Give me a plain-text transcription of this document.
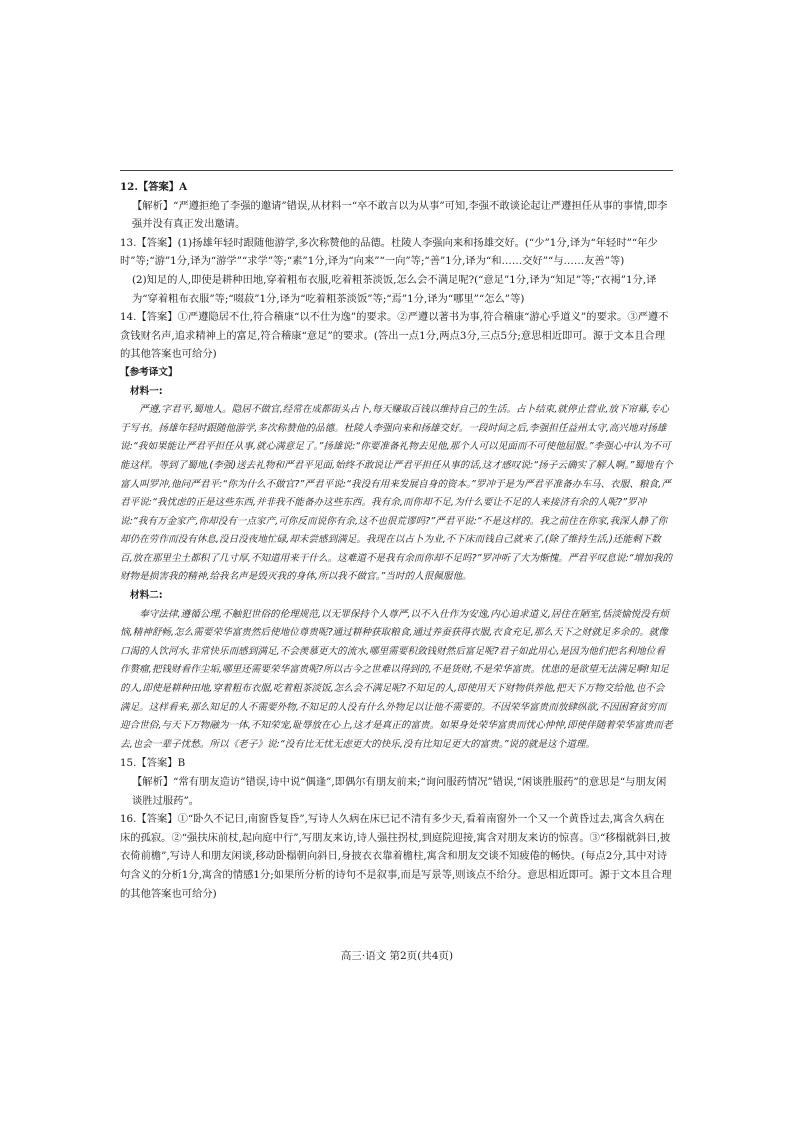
12.【答案】A

【解析】“严遵拒绝了李强的邀请”错误,从材料一“卒不敢言以为从事”可知,李强不敢谈论起让严遵担任从事的事情,即李强并没有真正发出邀请。

13.【答案】(1)扬雄年轻时跟随他游学,多次称赞他的品德。杜陵人李强向来和扬雄交好。(“少”1分,译为“年轻时”“年少时”等;“游”1分,译为“游学”“求学”等;“素”1分,译为“向来”“一向”等;“善”1分,译为“和……交好”“与……友善”等)

(2)知足的人,即使是耕种田地,穿着粗布衣服,吃着粗茶淡饭,怎么会不满足呢?(“意足”1分,译为“知足”等;“衣褐”1分,译为“穿着粗布衣服”等;“啜菽”1分,译为“吃着粗茶淡饭”等;“焉”1分,译为“哪里”“怎么”等)

14.【答案】①严遵隐居不仕,符合稽康“以不仕为逸”的要求。②严遵以著书为事,符合稽康“游心乎道义”的要求。③严遵不贪钱财名声,追求精神上的富足,符合稽康“意足”的要求。(答出一点1分,两点3分,三点5分;意思相近即可。源于文本且合理的其他答案也可给分)

【参考译文】

材料一:

严遵,字君平,蜀地人。隐居不做官,经常在成都街头占卜,每天赚取百钱以维持自己的生活。占卜结束,就停止营业,放下帘幕,专心于写书。扬雄年轻时跟随他游学,多次称赞他的品德。杜陵人李强向来和扬雄交好。一段时间之后,李强担任益州太守,高兴地对扬雄说:“我如果能让严君平担任从事,就心满意足了。”扬雄说:“你要准备礼物去见他,那个人可以见面而不可使他屈服。”李强心中认为不可能这样。等到了蜀地,(李强)送去礼物和严君平见面,始终不敢说让严君平担任从事的话,这才感叹说:“扬子云确实了解人啊。”蜀地有个富人叫罗冲,他问严君平:“你为什么不做官?”严君平说:“我没有用来发展自身的资本。”罗冲于是为严君平准备办车马、衣服、粮食,严君平说:“我忧虑的正是这些东西,并非我不能备办这些东西。我有余,而你却不足,为什么要让不足的人来接济有余的人呢?”罗冲说:“我有万金家产,你却没有一点家产,可你反而说你有余,这不也很荒谬吗?”严君平说:“不是这样的。我之前住在你家,我深人静了你却仍在劳作而没有休息,没日没夜地忙碌,却未尝感到满足。我现在以占卜为业,不下床而钱自己就来了,(除了维持生活,)还能剩下数百,放在那里尘土都积了几寸厚,不知道用来干什么。这难道不是我有余而你却不足吗?”罗冲听了大为惭愧。严君平叹息说:“增加我的财物是损害我的精神,给我名声是毁灭我的身体,所以我不做官。”当时的人很佩服他。

材料二:

奉守法律,遵循公理,不触犯世俗的伦理规范,以无罪保持个人尊严,以不入仕作为安逸,内心追求道义,居住在陋室,恬淡愉悦没有烦恼,精神舒畅,怎么需要荣华富贵然后使地位尊贵呢?通过耕种获取粮食,通过养蚕获得衣服,衣食充足,那么天下之财就足多余的。就像口渴的人饮河水,非常快乐而感到满足,不会羡慕更大的流水,哪里需要积敛钱财然后富足呢?君子如此用心,是因为他们把名利地位看作赘瘤,把钱财看作尘垢,哪里还需要荣华富贵呢?所以古今之世难以得到的,不是货财,不是荣华富贵。忧患的是欲望无法满足啊!知足的人,即使是耕种田地,穿着粗布衣服,吃着粗茶淡饭,怎么会不满足呢?不知足的人,即使用天下财物供养他,把天下万物交给他,也不会满足。这样看来,那么知足的人不需要外物,不知足的人没有什么外物足以让他不需要的。不因荣华富贵而放肆纵欲,不因困窘贫穷而迎合世俗,与天下万物融为一体,不知荣宠,耻辱放在心上,这才是真正的富贵。如果身处荣华富贵而忧心忡忡,即使伴随着荣华富贵而老去,也会一辈子忧愁。所以《老子》说:“没有比无忧无虑更大的快乐,没有比知足更大的富贵。”说的就是这个道理。

15.【答案】B

【解析】“常有朋友造访”错误,诗中说“偶逢”,即偶尔有朋友前来;“询问服药情况”错误,“闲谈胜服药”的意思是“与朋友闲谈胜过服药”。

16.【答案】①“卧久不记日,南窗昏复昏”,写诗人久病在床已记不清有多少天,看着南窗外一个又一个黄昏过去,寓含久病在床的孤寂。②“强扶床前杖,起向庭中行”,写朋友来访,诗人强拄拐杖,到庭院迎接,寓含对朋友来访的惊喜。③“移榻就斜日,披衣倚前檐”,写诗人和朋友闲谈,移动卧榻朝向斜日,身披衣衣靠着檐柱,寓含和朋友交谈不知疲倦的畅快。(每点2分,其中对诗句含义的分析1分,寓含的情感1分;如果所分析的诗句不是叙事,而是写景等,则该点不给分。意思相近即可。源于文本且合理的其他答案也可给分)

高三·语文 第2页(共4页)
